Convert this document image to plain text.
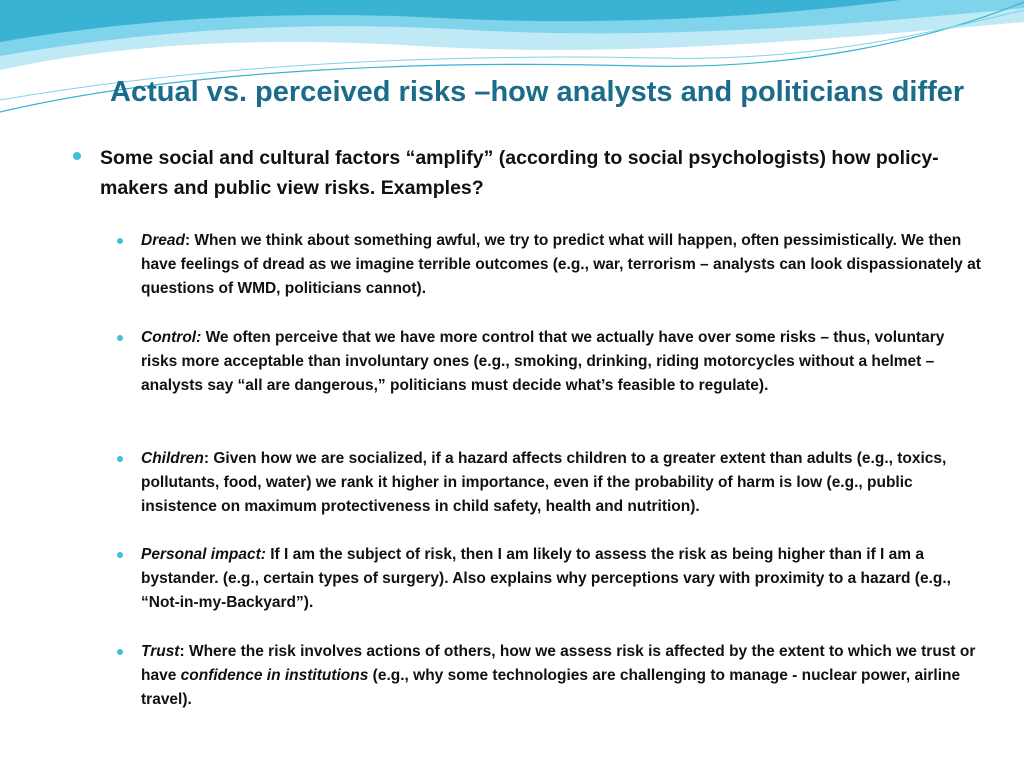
Actual vs. perceived risks –how analysts and politicians differ

Some social and cultural factors “amplify” (according to social psychologists) how policy-makers and public view risks. Examples?

Dread: When we think about something awful, we try to predict what will happen, often pessimistically. We then have feelings of dread as we imagine terrible outcomes (e.g., war, terrorism – analysts can look dispassionately at questions of WMD, politicians cannot).

Control: We often perceive that we have more control that we actually have over some risks – thus, voluntary risks more acceptable than involuntary ones (e.g., smoking, drinking, riding motorcycles without a helmet – analysts say “all are dangerous,” politicians must decide what’s feasible to regulate).

Children: Given how we are socialized, if a hazard affects children to a greater extent than adults (e.g., toxics, pollutants, food, water) we rank it higher in importance, even if the probability of harm is low (e.g., public insistence on maximum protectiveness in child safety, health and nutrition).

Personal impact: If I am the subject of risk, then I am likely to assess the risk as being higher than if I am a bystander. (e.g., certain types of surgery). Also explains why perceptions vary with proximity to a hazard (e.g., “Not-in-my-Backyard”).

Trust: Where the risk involves actions of others, how we assess risk is affected by the extent to which we trust or have confidence in institutions (e.g., why some technologies are challenging to manage - nuclear power, airline travel).
